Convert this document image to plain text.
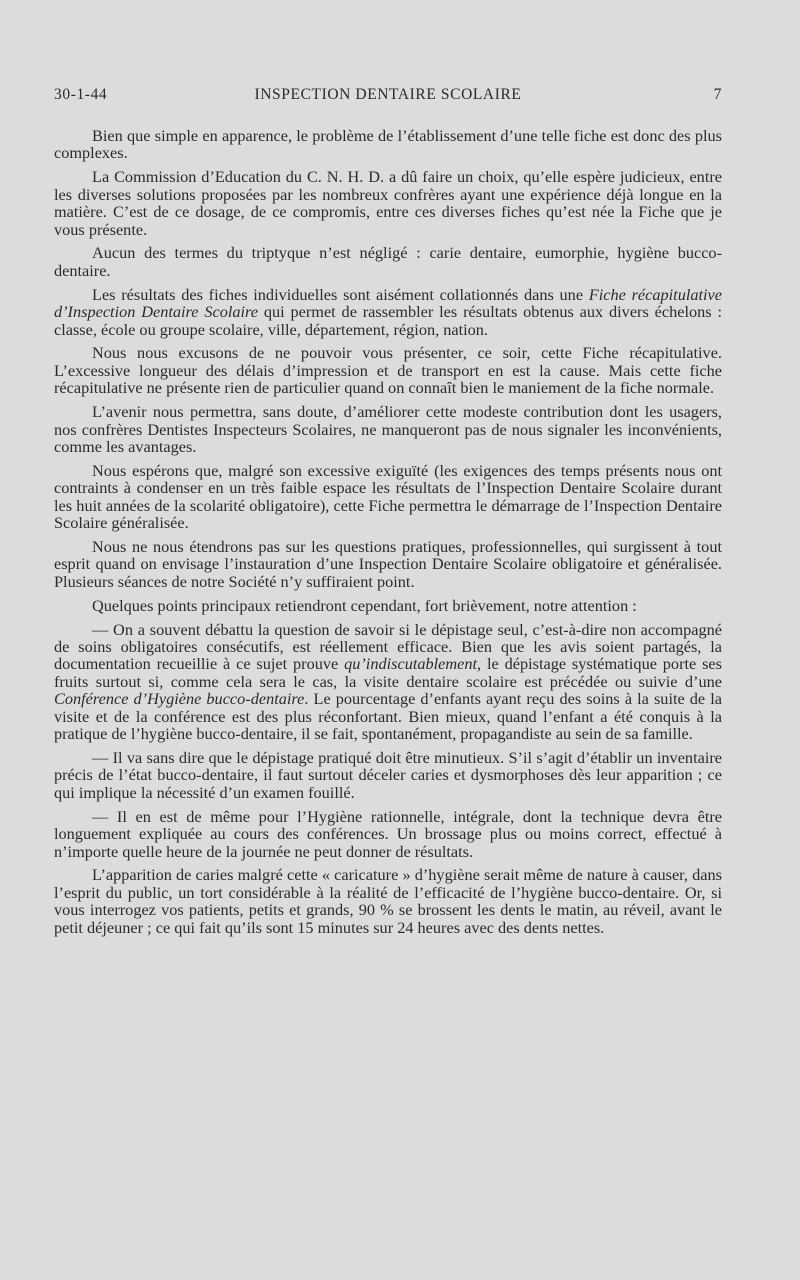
30-1-44	INSPECTION DENTAIRE SCOLAIRE	7

Bien que simple en apparence, le problème de l’établissement d’une telle fiche est donc des plus complexes.

La Commission d’Education du C. N. H. D. a dû faire un choix, qu’elle espère judicieux, entre les diverses solutions proposées par les nombreux confrères ayant une expérience déjà longue en la matière. C’est de ce dosage, de ce compromis, entre ces diverses fiches qu’est née la Fiche que je vous présente.

Aucun des termes du triptyque n’est négligé : carie dentaire, eumorphie, hygiène bucco-dentaire.

Les résultats des fiches individuelles sont aisément collationnés dans une Fiche récapitulative d’Inspection Dentaire Scolaire qui permet de rassembler les résultats obtenus aux divers échelons : classe, école ou groupe scolaire, ville, département, région, nation.

Nous nous excusons de ne pouvoir vous présenter, ce soir, cette Fiche récapitulative. L’excessive longueur des délais d’impression et de transport en est la cause. Mais cette fiche récapitulative ne présente rien de particulier quand on connaît bien le maniement de la fiche normale.

L’avenir nous permettra, sans doute, d’améliorer cette modeste contribution dont les usagers, nos confrères Dentistes Inspecteurs Scolaires, ne manqueront pas de nous signaler les inconvénients, comme les avantages.

Nous espérons que, malgré son excessive exiguïté (les exigences des temps présents nous ont contraints à condenser en un très faible espace les résultats de l’Inspection Dentaire Scolaire durant les huit années de la scolarité obligatoire), cette Fiche permettra le démarrage de l’Inspection Dentaire Scolaire généralisée.

Nous ne nous étendrons pas sur les questions pratiques, professionnelles, qui surgissent à tout esprit quand on envisage l’instauration d’une Inspection Dentaire Scolaire obligatoire et généralisée. Plusieurs séances de notre Société n’y suffiraient point.

Quelques points principaux retiendront cependant, fort brièvement, notre attention :

— On a souvent débattu la question de savoir si le dépistage seul, c’est-à-dire non accompagné de soins obligatoires consécutifs, est réellement efficace. Bien que les avis soient partagés, la documentation recueillie à ce sujet prouve qu’indiscutablement, le dépistage systématique porte ses fruits surtout si, comme cela sera le cas, la visite dentaire scolaire est précédée ou suivie d’une Conférence d’Hygiène bucco-dentaire. Le pourcentage d’enfants ayant reçu des soins à la suite de la visite et de la conférence est des plus réconfortant. Bien mieux, quand l’enfant a été conquis à la pratique de l’hygiène bucco-dentaire, il se fait, spontanément, propagandiste au sein de sa famille.

— Il va sans dire que le dépistage pratiqué doit être minutieux. S’il s’agit d’établir un inventaire précis de l’état bucco-dentaire, il faut surtout déceler caries et dysmorphoses dès leur apparition ; ce qui implique la nécessité d’un examen fouillé.

— Il en est de même pour l’Hygiène rationnelle, intégrale, dont la technique devra être longuement expliquée au cours des conférences. Un brossage plus ou moins correct, effectué à n’importe quelle heure de la journée ne peut donner de résultats.

L’apparition de caries malgré cette « caricature » d’hygiène serait même de nature à causer, dans l’esprit du public, un tort considérable à la réalité de l’efficacité de l’hygiène bucco-dentaire. Or, si vous interrogez vos patients, petits et grands, 90 % se brossent les dents le matin, au réveil, avant le petit déjeuner ; ce qui fait qu’ils sont 15 minutes sur 24 heures avec des dents nettes.
